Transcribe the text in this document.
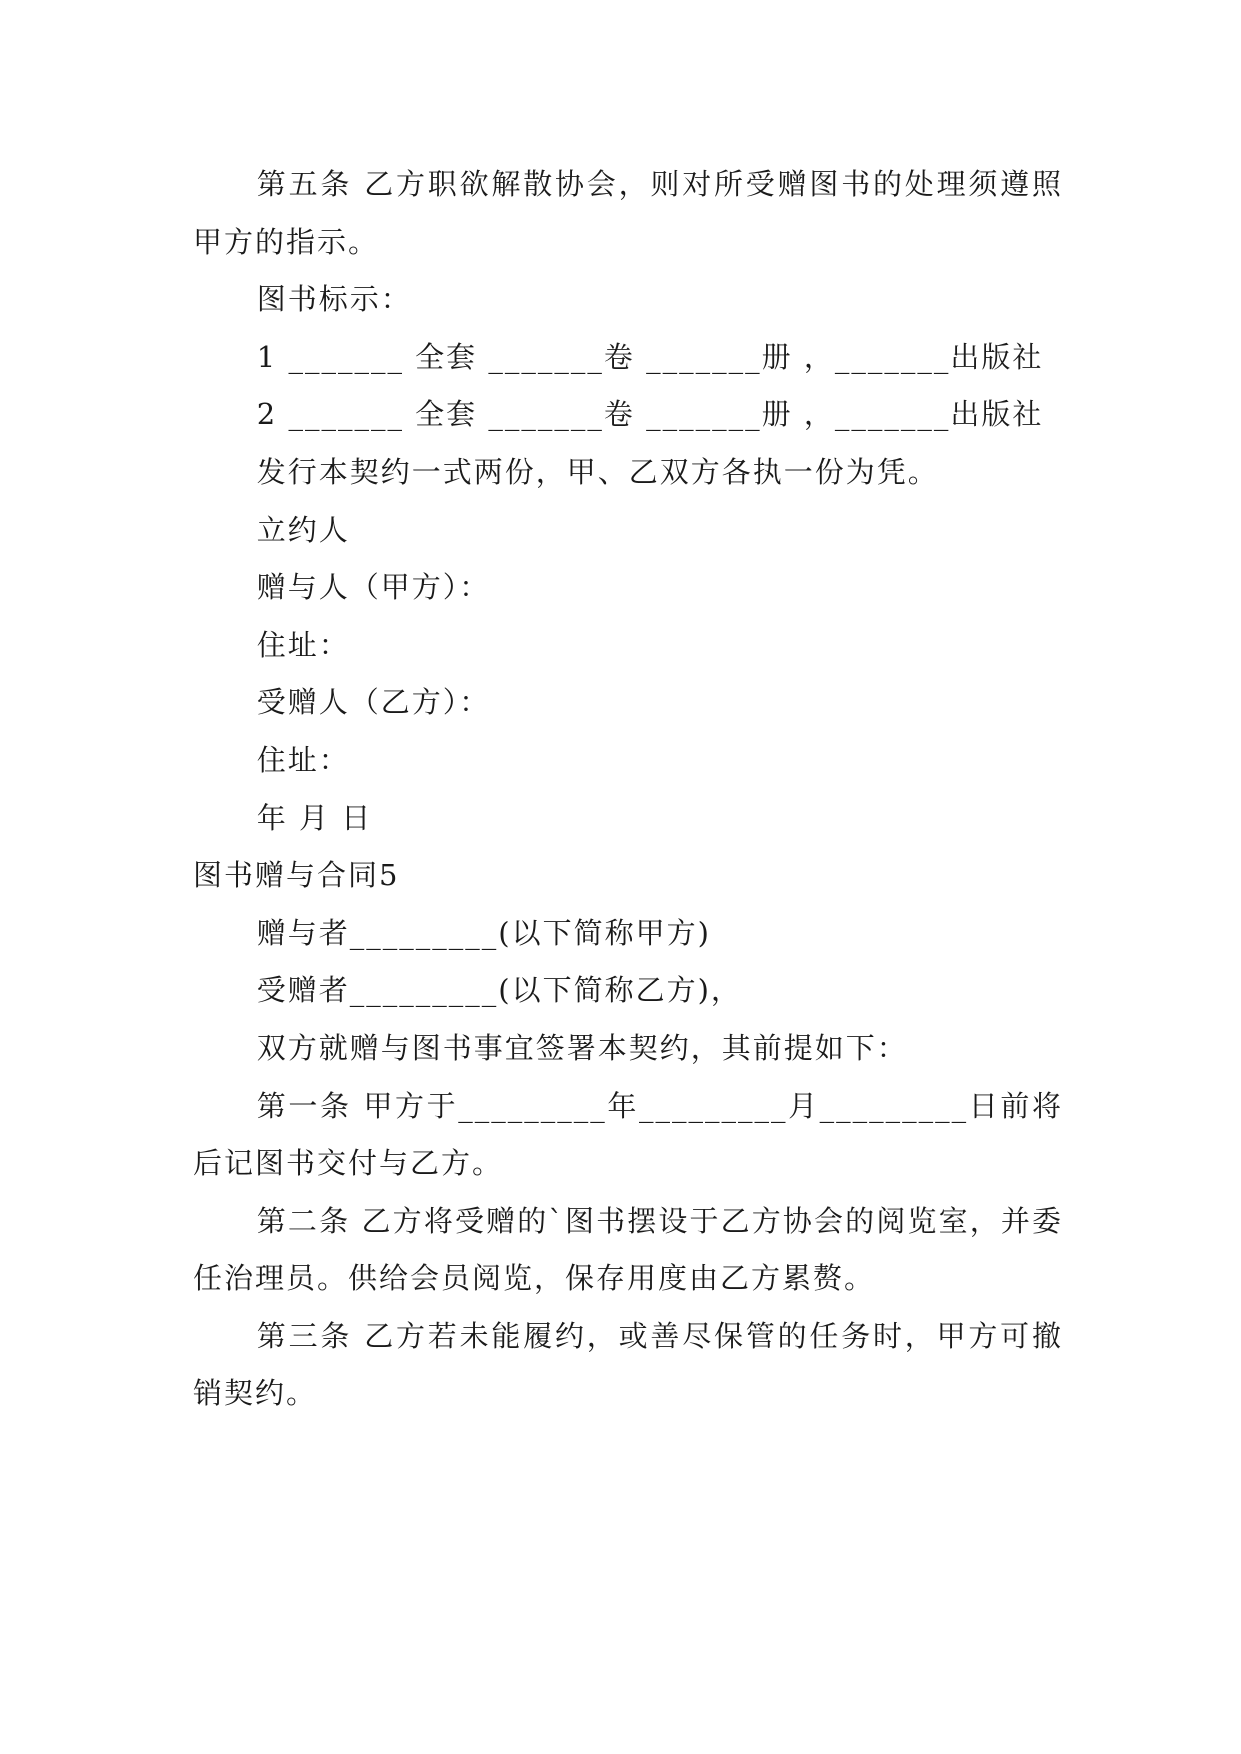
第五条 乙方职欲解散协会，则对所受赠图书的处理须遵照甲方的指示。

图书标示：

1 _______ 全套 _______卷 _______册 ，_______出版社

2 _______ 全套 _______卷 _______册 ，_______出版社

发行本契约一式两份，甲、乙双方各执一份为凭。

立约人

赠与人（甲方）：

住址：

受赠人（乙方）：

住址：

年 月 日

图书赠与合同5

赠与者_________(以下简称甲方)

受赠者_________(以下简称乙方)，

双方就赠与图书事宜签署本契约，其前提如下：

第一条 甲方于_________年_________月_________日前将后记图书交付与乙方。

第二条 乙方将受赠的`图书摆设于乙方协会的阅览室，并委任治理员。供给会员阅览，保存用度由乙方累赘。

第三条 乙方若未能履约，或善尽保管的任务时，甲方可撤销契约。
